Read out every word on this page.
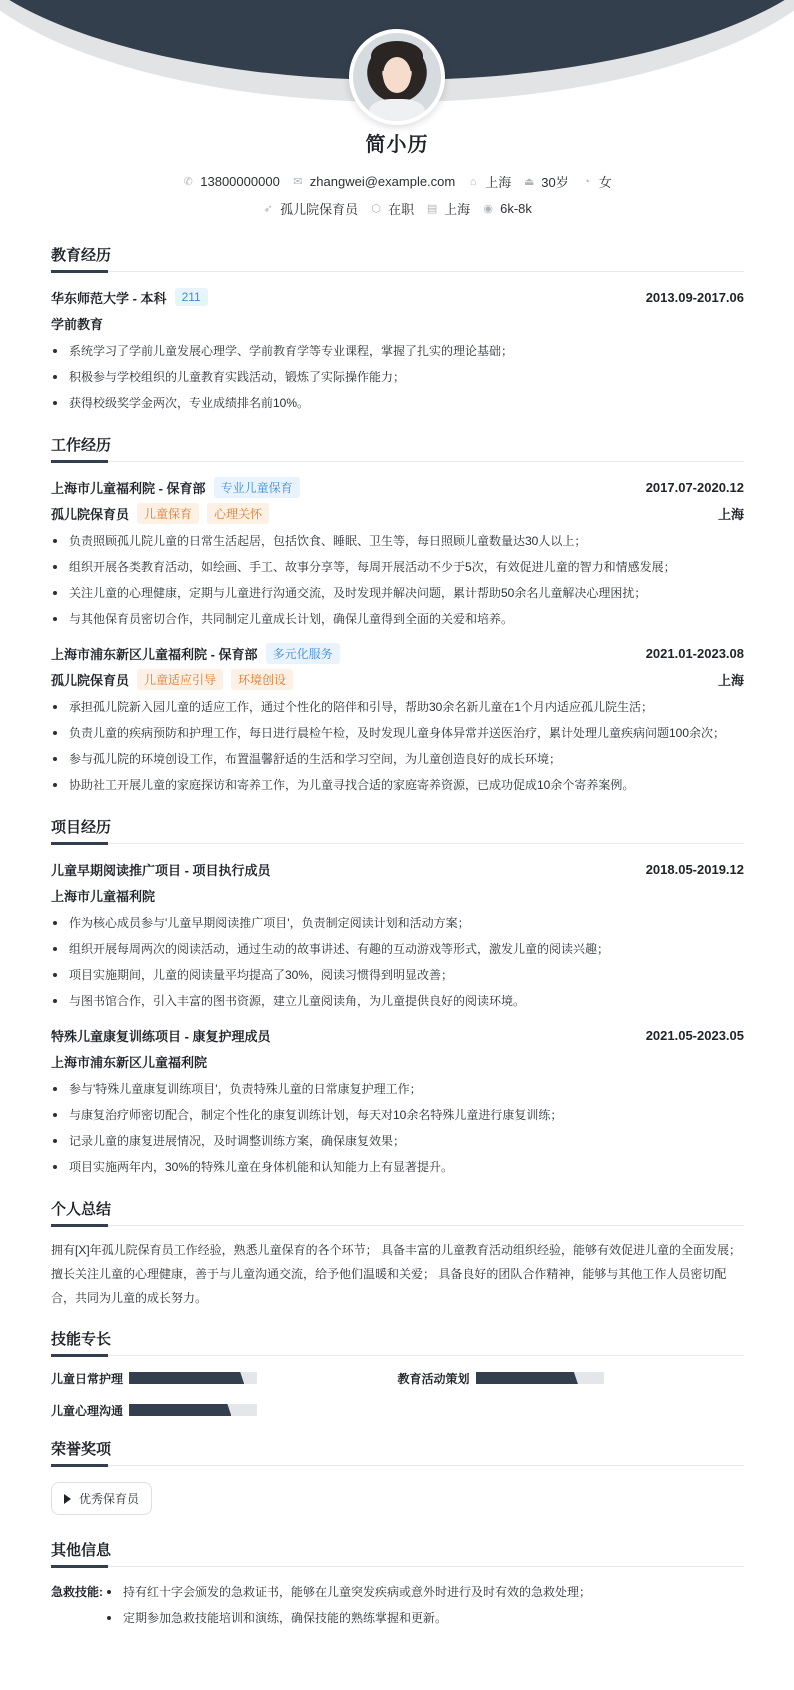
简小历
✆ 13800000000 ✉ zhangwei@example.com ⌂ 上海 ⏏ 30岁 ◔ 女
➶ 孤儿院保育员 ⬡ 在职 ▤ 上海 ◉ 6k-8k
教育经历
华东师范大学 - 本科	211	2013.09-2017.06
学前教育
系统学习了学前儿童发展心理学、学前教育学等专业课程，掌握了扎实的理论基础；
积极参与学校组织的儿童教育实践活动，锻炼了实际操作能力；
获得校级奖学金两次，专业成绩排名前10%。
工作经历
上海市儿童福利院 - 保育部	专业儿童保育	2017.07-2020.12
孤儿院保育员	儿童保育	心理关怀	上海
负责照顾孤儿院儿童的日常生活起居，包括饮食、睡眠、卫生等，每日照顾儿童数量达30人以上；
组织开展各类教育活动，如绘画、手工、故事分享等，每周开展活动不少于5次，有效促进儿童的智力和情感发展；
关注儿童的心理健康，定期与儿童进行沟通交流，及时发现并解决问题，累计帮助50余名儿童解决心理困扰；
与其他保育员密切合作，共同制定儿童成长计划，确保儿童得到全面的关爱和培养。
上海市浦东新区儿童福利院 - 保育部	多元化服务	2021.01-2023.08
孤儿院保育员	儿童适应引导	环境创设	上海
承担孤儿院新入园儿童的适应工作，通过个性化的陪伴和引导，帮助30余名新儿童在1个月内适应孤儿院生活；
负责儿童的疾病预防和护理工作，每日进行晨检午检，及时发现儿童身体异常并送医治疗，累计处理儿童疾病问题100余次；
参与孤儿院的环境创设工作，布置温馨舒适的生活和学习空间，为儿童创造良好的成长环境；
协助社工开展儿童的家庭探访和寄养工作，为儿童寻找合适的家庭寄养资源，已成功促成10余个寄养案例。
项目经历
儿童早期阅读推广项目 - 项目执行成员	2018.05-2019.12
上海市儿童福利院
作为核心成员参与'儿童早期阅读推广项目'，负责制定阅读计划和活动方案；
组织开展每周两次的阅读活动，通过生动的故事讲述、有趣的互动游戏等形式，激发儿童的阅读兴趣；
项目实施期间，儿童的阅读量平均提高了30%，阅读习惯得到明显改善；
与图书馆合作，引入丰富的图书资源，建立儿童阅读角，为儿童提供良好的阅读环境。
特殊儿童康复训练项目 - 康复护理成员	2021.05-2023.05
上海市浦东新区儿童福利院
参与'特殊儿童康复训练项目'，负责特殊儿童的日常康复护理工作；
与康复治疗师密切配合，制定个性化的康复训练计划，每天对10余名特殊儿童进行康复训练；
记录儿童的康复进展情况，及时调整训练方案，确保康复效果；
项目实施两年内，30%的特殊儿童在身体机能和认知能力上有显著提升。
个人总结

拥有[X]年孤儿院保育员工作经验，熟悉儿童保育的各个环节； 具备丰富的儿童教育活动组织经验，能够有效促进儿童的全面发展；擅长关注儿童的心理健康，善于与儿童沟通交流，给予他们温暖和关爱； 具备良好的团队合作精神，能够与其他工作人员密切配合，共同为儿童的成长努力。

技能专长
儿童日常护理	教育活动策划
儿童心理沟通
荣誉奖项
优秀保育员
其他信息
急救技能:	持有红十字会颁发的急救证书，能够在儿童突发疾病或意外时进行及时有效的急救处理；
定期参加急救技能培训和演练，确保技能的熟练掌握和更新。
